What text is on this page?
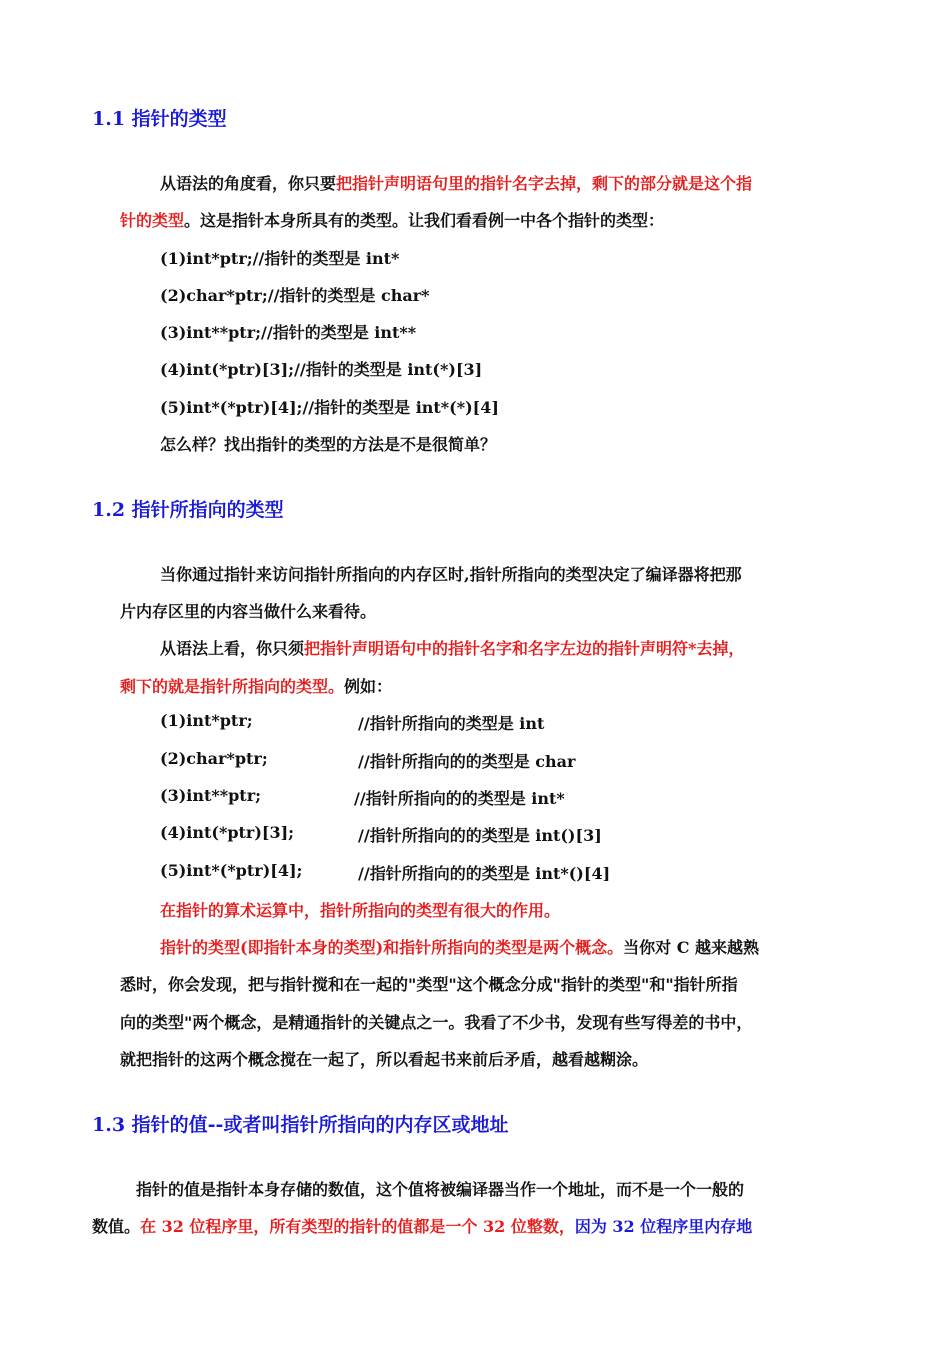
1.1 指针的类型
从语法的角度看，你只要把指针声明语句里的指针名字去掉，剩下的部分就是这个指
针的类型。这是指针本身所具有的类型。让我们看看例一中各个指针的类型：
(1)int*ptr;//指针的类型是 int*
(2)char*ptr;//指针的类型是 char*
(3)int**ptr;//指针的类型是 int**
(4)int(*ptr)[3];//指针的类型是 int(*)[3]
(5)int*(*ptr)[4];//指针的类型是 int*(*)[4]
怎么样？找出指针的类型的方法是不是很简单？
1.2 指针所指向的类型
当你通过指针来访问指针所指向的内存区时,指针所指向的类型决定了编译器将把那
片内存区里的内容当做什么来看待。
从语法上看，你只须把指针声明语句中的指针名字和名字左边的指针声明符*去掉，
剩下的就是指针所指向的类型。例如：
(1)int*ptr;	//指针所指向的类型是 int
(2)char*ptr;	//指针所指向的的类型是 char
(3)int**ptr;	//指针所指向的的类型是 int*
(4)int(*ptr)[3];	//指针所指向的的类型是 int()[3]
(5)int*(*ptr)[4];	//指针所指向的的类型是 int*()[4]
在指针的算术运算中，指针所指向的类型有很大的作用。
指针的类型(即指针本身的类型)和指针所指向的类型是两个概念。当你对 C 越来越熟
悉时，你会发现，把与指针搅和在一起的"类型"这个概念分成"指针的类型"和"指针所指
向的类型"两个概念，是精通指针的关键点之一。我看了不少书，发现有些写得差的书中，
就把指针的这两个概念搅在一起了，所以看起书来前后矛盾，越看越糊涂。
1.3 指针的值--或者叫指针所指向的内存区或地址
指针的值是指针本身存储的数值，这个值将被编译器当作一个地址，而不是一个一般的
数值。在 32 位程序里，所有类型的指针的值都是一个 32 位整数，因为 32 位程序里内存地
